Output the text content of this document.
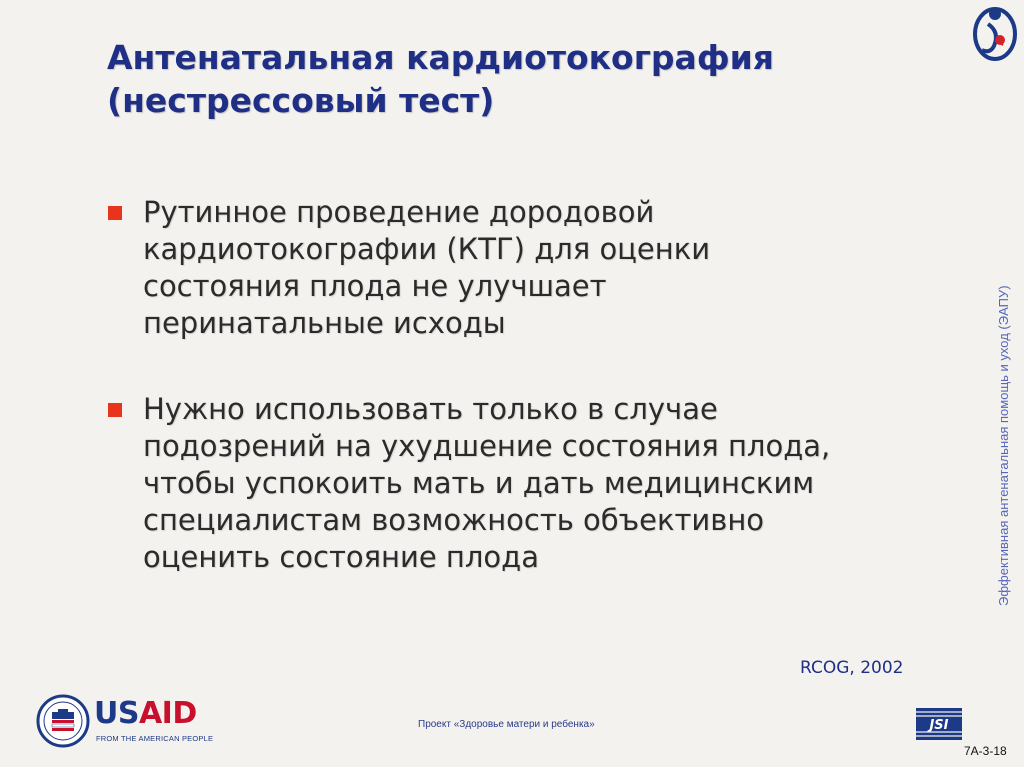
Антенатальная кардиотокография
(нестрессовый тест)
Рутинное проведение дородовой
кардиотокографии (КТГ) для оценки
состояния плода не улучшает
перинатальные исходы
Нужно использовать только в случае
подозрений на ухудшение состояния плода,
чтобы успокоить мать и дать медицинским
специалистам возможность объективно
оценить состояние плода
RCOG, 2002
Эффективная антенатальная помощь и уход (ЭАПУ)
USAID
FROM THE AMERICAN PEOPLE
Проект «Здоровье матери и ребенка»	JSI
7A-3-18
